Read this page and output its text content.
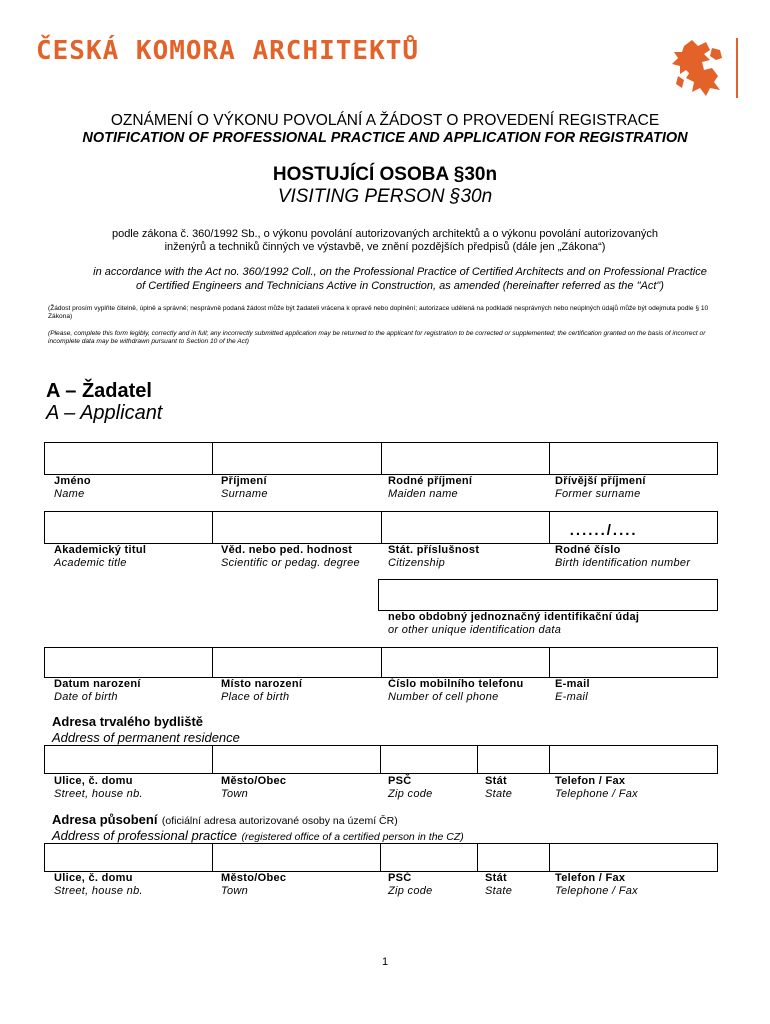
ČESKÁ KOMORA ARCHITEKTŮ
OZNÁMENÍ O VÝKONU POVOLÁNÍ A ŽÁDOST O PROVEDENÍ REGISTRACE
NOTIFICATION OF PROFESSIONAL PRACTICE AND APPLICATION FOR REGISTRATION
HOSTUJÍCÍ OSOBA §30n
VISITING PERSON §30n
podle zákona č. 360/1992 Sb., o výkonu povolání autorizovaných architektů a o výkonu povolání autorizovaných inženýrů a techniků činných ve výstavbě, ve znění pozdějších předpisů (dále jen „Zákona“)
in accordance with the Act no. 360/1992 Coll., on the Professional Practice of Certified Architects and on Professional Practice of Certified Engineers and Technicians Active in Construction, as amended (hereinafter referred as the "Act")
(Žádost prosím vyplňte čitelně, úplně a správně; nesprávně podaná žádost může být žadateli vrácena k opravě nebo doplnění; autorizace udělená na podkladě nesprávných nebo neúplných údajů může být odejmuta podle § 10 Zákona)
(Please, complete this form legibly, correctly and in full; any incorrectly submitted application may be returned to the applicant for registration to be corrected or supplemented; the certification granted on the basis of incorrect or incomplete data may be withdrawn pursuant to Section 10 of the Act)
A – Žadatel
A – Applicant
Jméno
Name
Příjmení
Surname
Rodné příjmení
Maiden name
Dřívější příjmení
Former surname
....../....
Akademický titul
Academic title
Věd. nebo ped. hodnost
Scientific or pedag. degree
Stát. příslušnost
Citizenship
Rodné číslo
Birth identification number
nebo obdobný jednoznačný identifikační údaj
or other unique identification data
Datum narození
Date of birth
Místo narození
Place of birth
Číslo mobilního telefonu
Number of cell phone
E-mail
E-mail
Adresa trvalého bydliště
Address of permanent residence
Ulice, č. domu
Street, house nb.
Město/Obec
Town
PSČ
Zip code
Stát
State
Telefon / Fax
Telephone / Fax
Adresa působení (oficiální adresa autorizované osoby na území ČR)
Address of professional practice (registered office of a certified person in the CZ)
Ulice, č. domu
Street, house nb.
Město/Obec
Town
PSČ
Zip code
Stát
State
Telefon / Fax
Telephone / Fax
1
